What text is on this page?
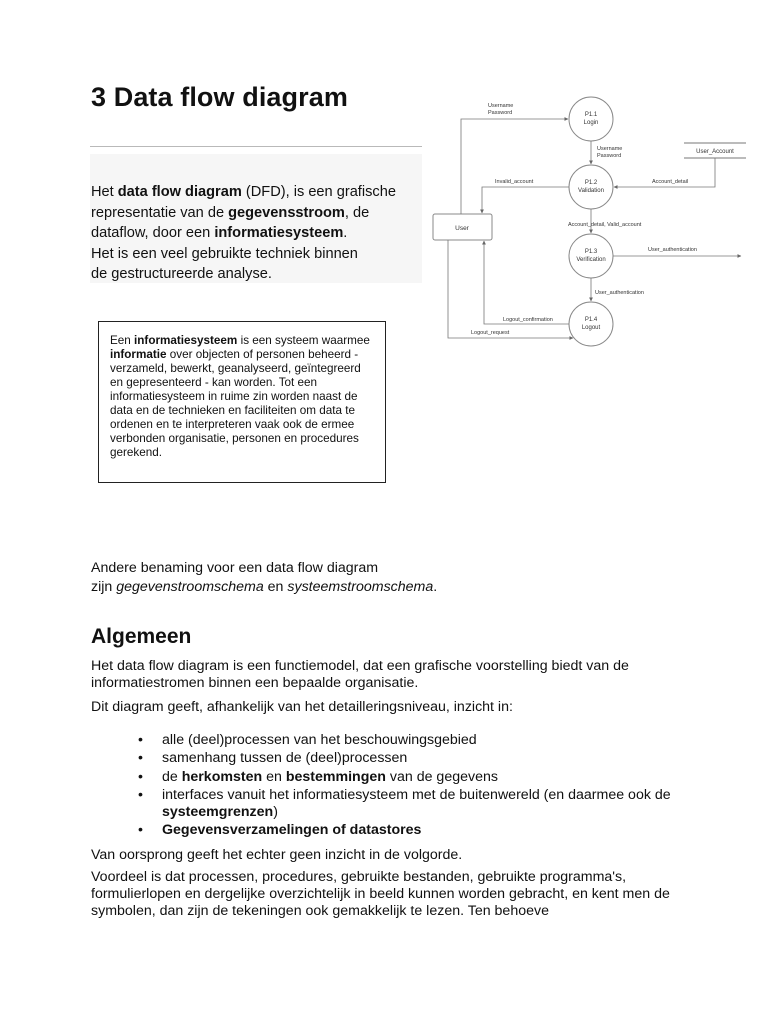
3 Data flow diagram
Het data flow diagram (DFD), is een grafische representatie van de gegevensstroom, de dataflow, door een informatiesysteem.
Het is een veel gebruikte techniek binnen
de gestructureerde analyse.
Een informatiesysteem is een systeem waarmee informatie over objecten of personen beheerd - verzameld, bewerkt, geanalyseerd, geïntegreerd en gepresenteerd - kan worden. Tot een informatiesysteem in ruime zin worden naast de data en de technieken en faciliteiten om data te ordenen en te interpreteren vaak ook de ermee verbonden organisatie, personen en procedures gerekend.
Andere benaming voor een data flow diagram
zijn gegevenstroomschema en systeemstroomschema.
Algemeen
Het data flow diagram is een functiemodel, dat een grafische voorstelling biedt van de informatiestromen binnen een bepaalde organisatie.
Dit diagram geeft, afhankelijk van het detailleringsniveau, inzicht in:
• alle (deel)processen van het beschouwingsgebied
• samenhang tussen de (deel)processen
• de herkomsten en bestemmingen van de gegevens
• interfaces vanuit het informatiesysteem met de buitenwereld (en daarmee ook de systeemgrenzen)
• Gegevensverzamelingen of datastores
Van oorsprong geeft het echter geen inzicht in de volgorde.
Voordeel is dat processen, procedures, gebruikte bestanden, gebruikte programma's, formulierlopen en dergelijke overzichtelijk in beeld kunnen worden gebracht, en kent men de symbolen, dan zijn de tekeningen ook gemakkelijk te lezen. Ten behoeve
P1.1
Login
P1.2
Validation
P1.3
Verification
P1.4
Logout
User
User_Account
Username
Password
Username
Password
Account_detail
Invalid_account
Account_detail, Valid_account
User_authentication
User_authentication
Logout_confirmation
Logout_request
